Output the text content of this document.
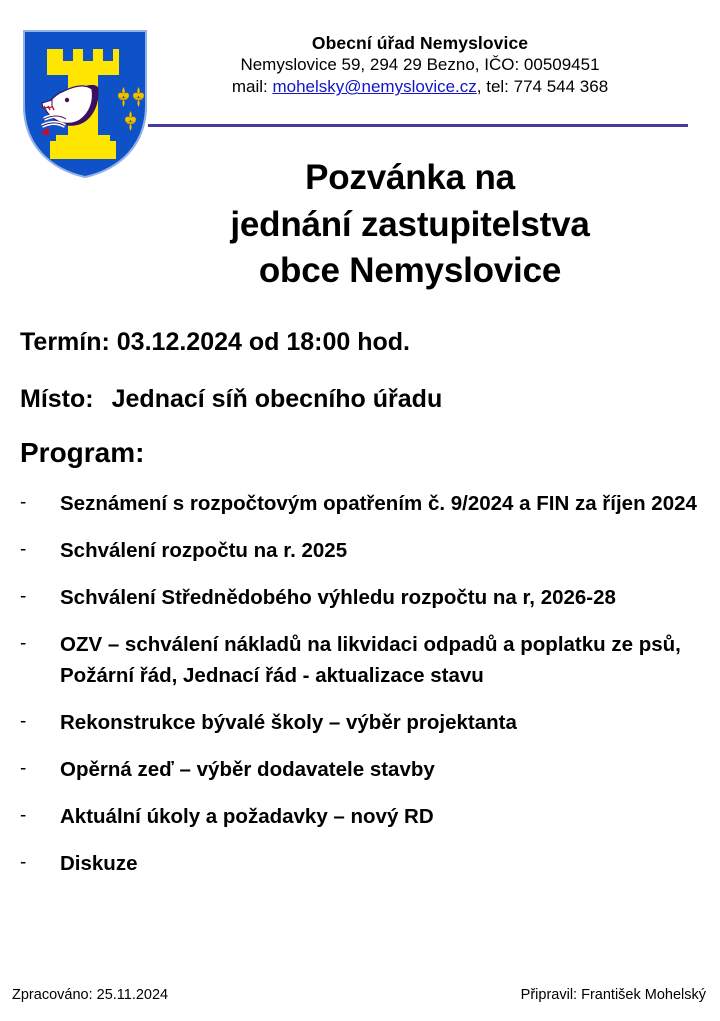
Obecní úřad Nemyslovice
Nemyslovice 59, 294 29 Bezno, IČO: 00509451
mail: mohelsky@nemyslovice.cz, tel: 774 544 368
Pozvánka na
jednání zastupitelstva
obce Nemyslovice
Termín: 03.12.2024 od 18:00 hod.
Místo: Jednací síň obecního úřadu
Program:
-	Seznámení s rozpočtovým opatřením č. 9/2024 a FIN za říjen 2024
-	Schválení rozpočtu na r. 2025
-	Schválení Střednědobého výhledu rozpočtu na r, 2026-28
-	OZV – schválení nákladů na likvidaci odpadů a poplatku ze psů, Požární řád, Jednací řád - aktualizace stavu
-	Rekonstrukce bývalé školy – výběr projektanta
-	Opěrná zeď – výběr dodavatele stavby
-	Aktuální úkoly a požadavky – nový RD
-	Diskuze
Zpracováno: 25.11.2024	Připravil: František Mohelský
